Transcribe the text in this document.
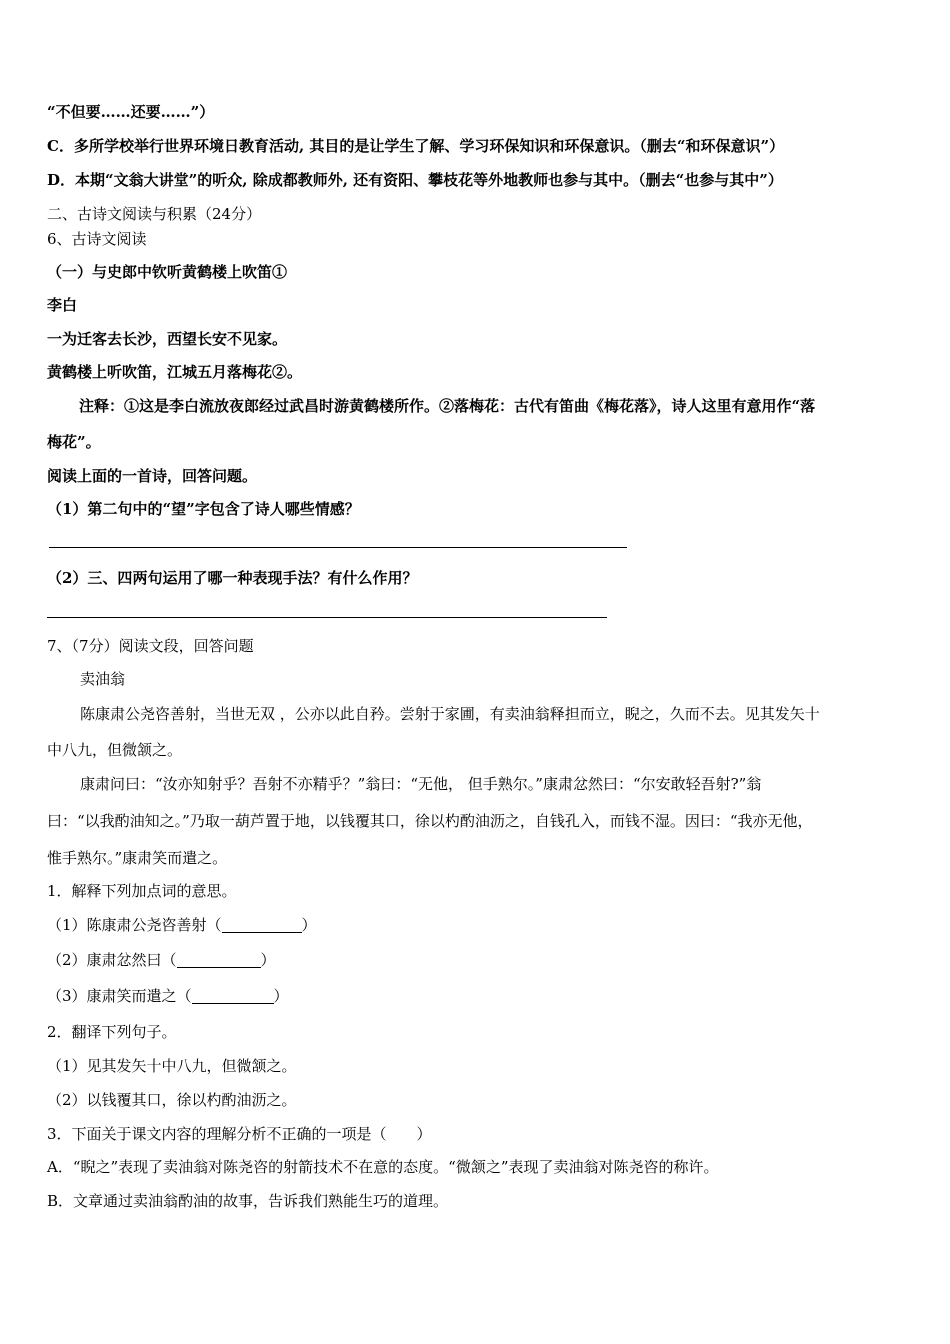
“不但要……还要……”）
C．多所学校举行世界环境日教育活动, 其目的是让学生了解、学习环保知识和环保意识。（删去“和环保意识”）
D．本期“文翁大讲堂”的听众, 除成都教师外, 还有资阳、攀枝花等外地教师也参与其中。（删去“也参与其中”）
二、古诗文阅读与积累（24分）
6、古诗文阅读
（一）与史郎中钦听黄鹤楼上吹笛①
李白
一为迁客去长沙，西望长安不见家。
黄鹤楼上听吹笛，江城五月落梅花②。
注释：①这是李白流放夜郎经过武昌时游黄鹤楼所作。②落梅花：古代有笛曲《梅花落》，诗人这里有意用作“落
梅花”。
阅读上面的一首诗，回答问题。
（1）第二句中的“望”字包含了诗人哪些情感？
（2）三、四两句运用了哪一种表现手法？有什么作用？
7、（7分）阅读文段，回答问题
卖油翁
陈康肃公尧咨善射，当世无双 ，公亦以此自矜。尝射于家圃，有卖油翁释担而立，睨之，久而不去。见其发矢十
中八九，但微颔之。
康肃问曰：“汝亦知射乎？吾射不亦精乎？”翁曰：“无他， 但手熟尔。”康肃忿然曰：“尔安敢轻吾射?”翁
曰：“以我酌油知之。”乃取一葫芦置于地，以钱覆其口，徐以杓酌油沥之，自钱孔入，而钱不湿。因曰：“我亦无他，
惟手熟尔。”康肃笑而遣之。
1．解释下列加点词的意思。
（1）陈康肃公尧咨善射（	）
（2）康肃忿然曰（	）
（3）康肃笑而遣之（	）
2．翻译下列句子。
（1）见其发矢十中八九，但微颔之。
（2）以钱覆其口，徐以杓酌油沥之。
3．下面关于课文内容的理解分析不正确的一项是（　　）
A．“睨之”表现了卖油翁对陈尧咨的射箭技术不在意的态度。“微颔之”表现了卖油翁对陈尧咨的称许。
B．文章通过卖油翁酌油的故事，告诉我们熟能生巧的道理。
